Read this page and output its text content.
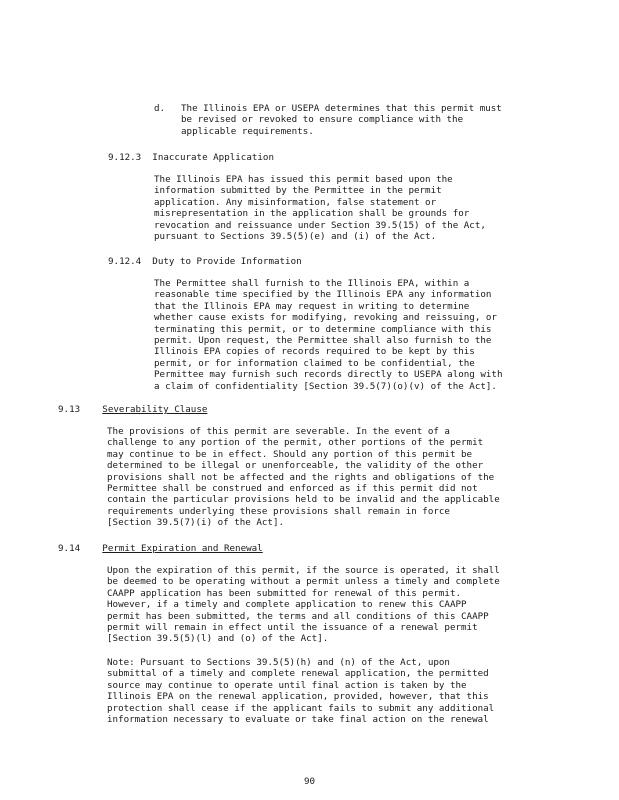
d. The Illinois EPA or USEPA determines that this permit must
be revised or revoked to ensure compliance with the
applicable requirements.
9.12.3 Inaccurate Application
The Illinois EPA has issued this permit based upon the
information submitted by the Permittee in the permit
application. Any misinformation, false statement or
misrepresentation in the application shall be grounds for
revocation and reissuance under Section 39.5(15) of the Act,
pursuant to Sections 39.5(5)(e) and (i) of the Act.
9.12.4 Duty to Provide Information
The Permittee shall furnish to the Illinois EPA, within a
reasonable time specified by the Illinois EPA any information
that the Illinois EPA may request in writing to determine
whether cause exists for modifying, revoking and reissuing, or
terminating this permit, or to determine compliance with this
permit. Upon request, the Permittee shall also furnish to the
Illinois EPA copies of records required to be kept by this
permit, or for information claimed to be confidential, the
Permittee may furnish such records directly to USEPA along with
a claim of confidentiality [Section 39.5(7)(o)(v) of the Act].
9.13 Severability Clause
The provisions of this permit are severable. In the event of a
challenge to any portion of the permit, other portions of the permit
may continue to be in effect. Should any portion of this permit be
determined to be illegal or unenforceable, the validity of the other
provisions shall not be affected and the rights and obligations of the
Permittee shall be construed and enforced as if this permit did not
contain the particular provisions held to be invalid and the applicable
requirements underlying these provisions shall remain in force
[Section 39.5(7)(i) of the Act].
9.14 Permit Expiration and Renewal
Upon the expiration of this permit, if the source is operated, it shall
be deemed to be operating without a permit unless a timely and complete
CAAPP application has been submitted for renewal of this permit.
However, if a timely and complete application to renew this CAAPP
permit has been submitted, the terms and all conditions of this CAAPP
permit will remain in effect until the issuance of a renewal permit
[Section 39.5(5)(l) and (o) of the Act].
Note: Pursuant to Sections 39.5(5)(h) and (n) of the Act, upon
submittal of a timely and complete renewal application, the permitted
source may continue to operate until final action is taken by the
Illinois EPA on the renewal application, provided, however, that this
protection shall cease if the applicant fails to submit any additional
information necessary to evaluate or take final action on the renewal
90
